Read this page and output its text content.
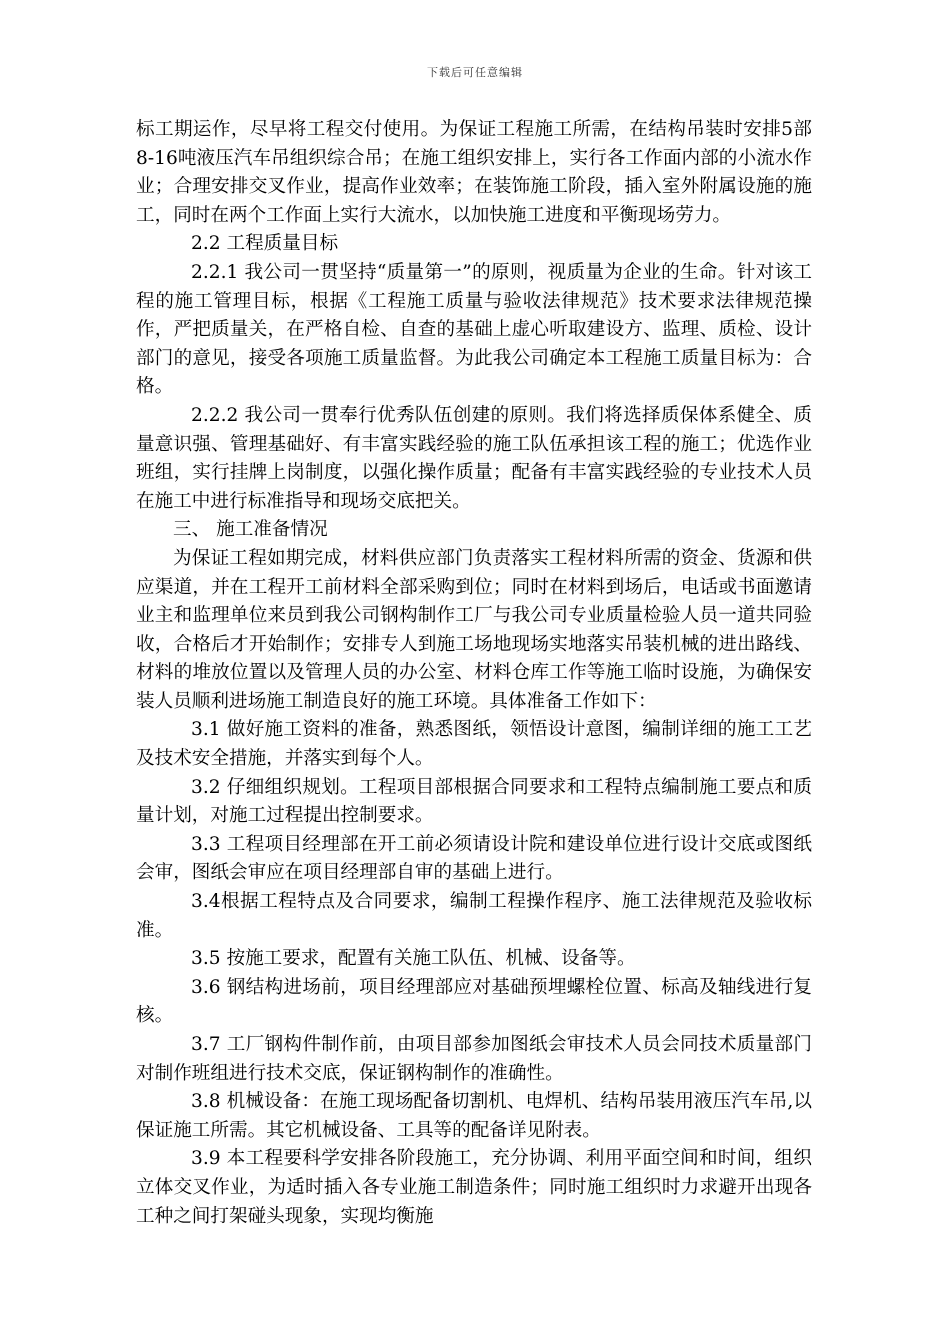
下载后可任意编辑

标工期运作，尽早将工程交付使用。为保证工程施工所需，在结构吊装时安排5部8-16吨液压汽车吊组织综合吊；在施工组织安排上，实行各工作面内部的小流水作业；合理安排交叉作业，提高作业效率；在装饰施工阶段，插入室外附属设施的施工，同时在两个工作面上实行大流水，以加快施工进度和平衡现场劳力。

2.2 工程质量目标

2.2.1 我公司一贯坚持“质量第一”的原则，视质量为企业的生命。针对该工程的施工管理目标，根据《工程施工质量与验收法律规范》技术要求法律规范操作，严把质量关，在严格自检、自查的基础上虚心听取建设方、监理、质检、设计部门的意见，接受各项施工质量监督。为此我公司确定本工程施工质量目标为：合格。

2.2.2 我公司一贯奉行优秀队伍创建的原则。我们将选择质保体系健全、质量意识强、管理基础好、有丰富实践经验的施工队伍承担该工程的施工；优选作业班组，实行挂牌上岗制度，以强化操作质量；配备有丰富实践经验的专业技术人员在施工中进行标准指导和现场交底把关。

三、 施工准备情况

为保证工程如期完成，材料供应部门负责落实工程材料所需的资金、货源和供应渠道，并在工程开工前材料全部采购到位；同时在材料到场后，电话或书面邀请业主和监理单位来员到我公司钢构制作工厂与我公司专业质量检验人员一道共同验收，合格后才开始制作；安排专人到施工场地现场实地落实吊装机械的进出路线、材料的堆放位置以及管理人员的办公室、材料仓库工作等施工临时设施，为确保安装人员顺利进场施工制造良好的施工环境。具体准备工作如下：

3.1 做好施工资料的准备，熟悉图纸，领悟设计意图，编制详细的施工工艺及技术安全措施，并落实到每个人。

3.2 仔细组织规划。工程项目部根据合同要求和工程特点编制施工要点和质量计划，对施工过程提出控制要求。

3.3 工程项目经理部在开工前必须请设计院和建设单位进行设计交底或图纸会审，图纸会审应在项目经理部自审的基础上进行。

3.4根据工程特点及合同要求，编制工程操作程序、施工法律规范及验收标准。

3.5 按施工要求，配置有关施工队伍、机械、设备等。

3.6 钢结构进场前，项目经理部应对基础预埋螺栓位置、标高及轴线进行复核。

3.7 工厂钢构件制作前，由项目部参加图纸会审技术人员会同技术质量部门对制作班组进行技术交底，保证钢构制作的准确性。

3.8 机械设备：在施工现场配备切割机、电焊机、结构吊装用液压汽车吊,以保证施工所需。其它机械设备、工具等的配备详见附表。

3.9 本工程要科学安排各阶段施工，充分协调、利用平面空间和时间，组织立体交叉作业，为适时插入各专业施工制造条件；同时施工组织时力求避开出现各工种之间打架碰头现象，实现均衡施
